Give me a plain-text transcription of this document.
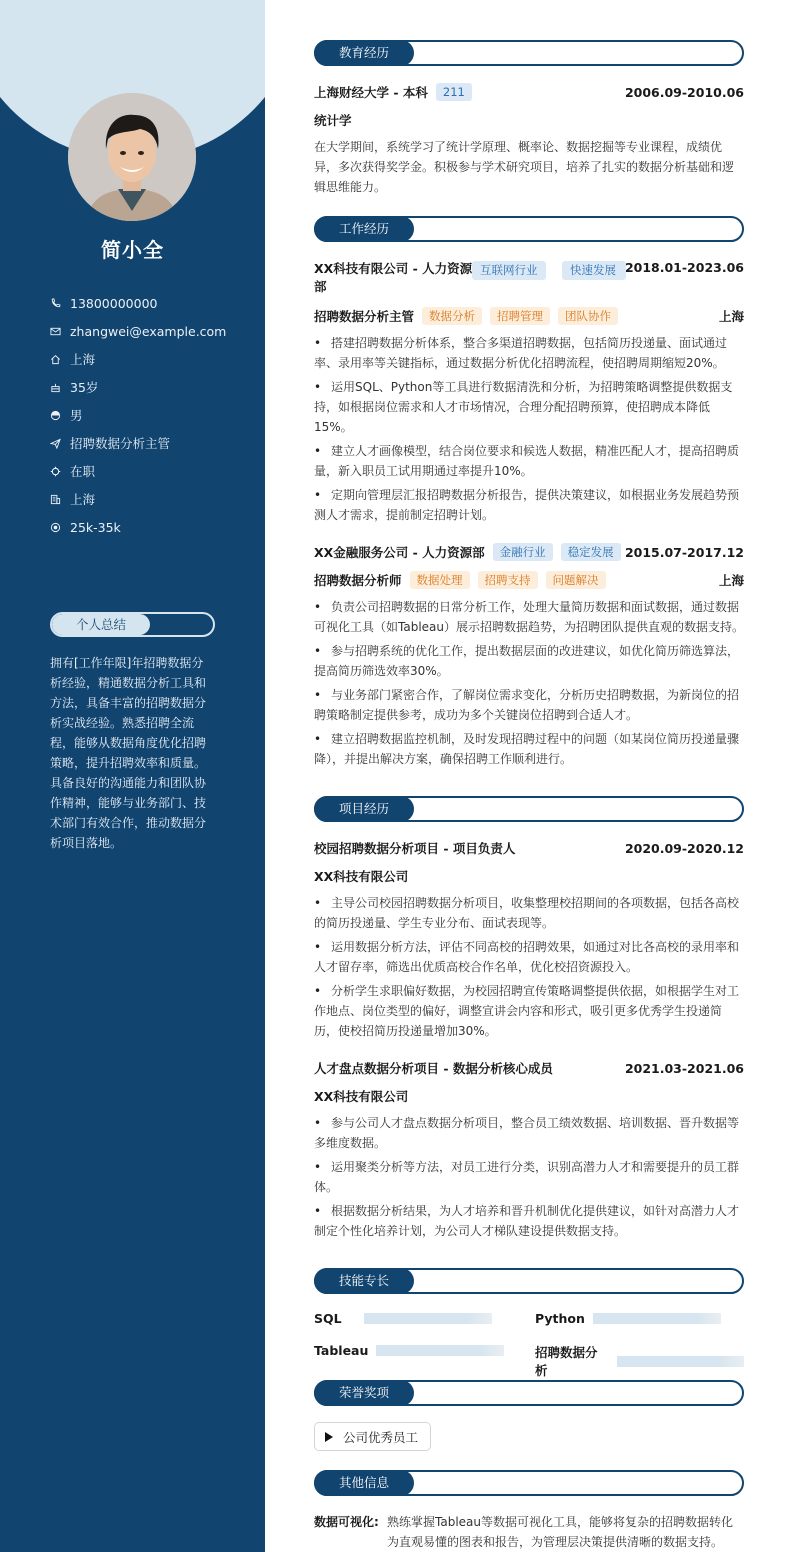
简小全
13800000000
zhangwei@example.com
上海
35岁
男
招聘数据分析主管
在职
上海
25k-35k
个人总结
拥有[工作年限]年招聘数据分析经验，精通数据分析工具和方法，具备丰富的招聘数据分析实战经验。熟悉招聘全流程，能够从数据角度优化招聘策略，提升招聘效率和质量。具备良好的沟通能力和团队协作精神，能够与业务部门、技术部门有效合作，推动数据分析项目落地。
教育经历
上海财经大学 - 本科	211	2006.09-2010.06
统计学
在大学期间，系统学习了统计学原理、概率论、数据挖掘等专业课程，成绩优异，多次获得奖学金。积极参与学术研究项目，培养了扎实的数据分析基础和逻辑思维能力。
工作经历
XX科技有限公司 - 人力资源部
互联网行业	快速发展 2018.01-2023.06
招聘数据分析主管	数据分析	招聘管理	团队协作	上海
• 搭建招聘数据分析体系，整合多渠道招聘数据，包括简历投递量、面试通过率、录用率等关键指标，通过数据分析优化招聘流程，使招聘周期缩短20%。
• 运用SQL、Python等工具进行数据清洗和分析，为招聘策略调整提供数据支持，如根据岗位需求和人才市场情况，合理分配招聘预算，使招聘成本降低15%。
• 建立人才画像模型，结合岗位要求和候选人数据，精准匹配人才，提高招聘质量，新入职员工试用期通过率提升10%。
• 定期向管理层汇报招聘数据分析报告，提供决策建议，如根据业务发展趋势预测人才需求，提前制定招聘计划。
XX金融服务公司 - 人力资源部	金融行业	稳定发展 2015.07-2017.12
招聘数据分析师	数据处理	招聘支持	问题解决	上海
• 负责公司招聘数据的日常分析工作，处理大量简历数据和面试数据，通过数据可视化工具（如Tableau）展示招聘数据趋势，为招聘团队提供直观的数据支持。
• 参与招聘系统的优化工作，提出数据层面的改进建议，如优化简历筛选算法，提高简历筛选效率30%。
• 与业务部门紧密合作，了解岗位需求变化，分析历史招聘数据，为新岗位的招聘策略制定提供参考，成功为多个关键岗位招聘到合适人才。
• 建立招聘数据监控机制，及时发现招聘过程中的问题（如某岗位简历投递量骤降），并提出解决方案，确保招聘工作顺利进行。
项目经历
校园招聘数据分析项目 - 项目负责人	2020.09-2020.12
XX科技有限公司
• 主导公司校园招聘数据分析项目，收集整理校招期间的各项数据，包括各高校的简历投递量、学生专业分布、面试表现等。
• 运用数据分析方法，评估不同高校的招聘效果，如通过对比各高校的录用率和人才留存率，筛选出优质高校合作名单，优化校招资源投入。
• 分析学生求职偏好数据，为校园招聘宣传策略调整提供依据，如根据学生对工作地点、岗位类型的偏好，调整宣讲会内容和形式，吸引更多优秀学生投递简历，使校招简历投递量增加30%。
人才盘点数据分析项目 - 数据分析核心成员	2021.03-2021.06
XX科技有限公司
• 参与公司人才盘点数据分析项目，整合员工绩效数据、培训数据、晋升数据等多维度数据。
• 运用聚类分析等方法，对员工进行分类，识别高潜力人才和需要提升的员工群体。
• 根据数据分析结果，为人才培养和晋升机制优化提供建议，如针对高潜力人才制定个性化培养计划，为公司人才梯队建设提供数据支持。
技能专长
SQL	Python
Tableau	招聘数据分析
荣誉奖项
公司优秀员工
其他信息
数据可视化: 熟练掌握Tableau等数据可视化工具，能够将复杂的招聘数据转化为直观易懂的图表和报告，为管理层决策提供清晰的数据支持。
